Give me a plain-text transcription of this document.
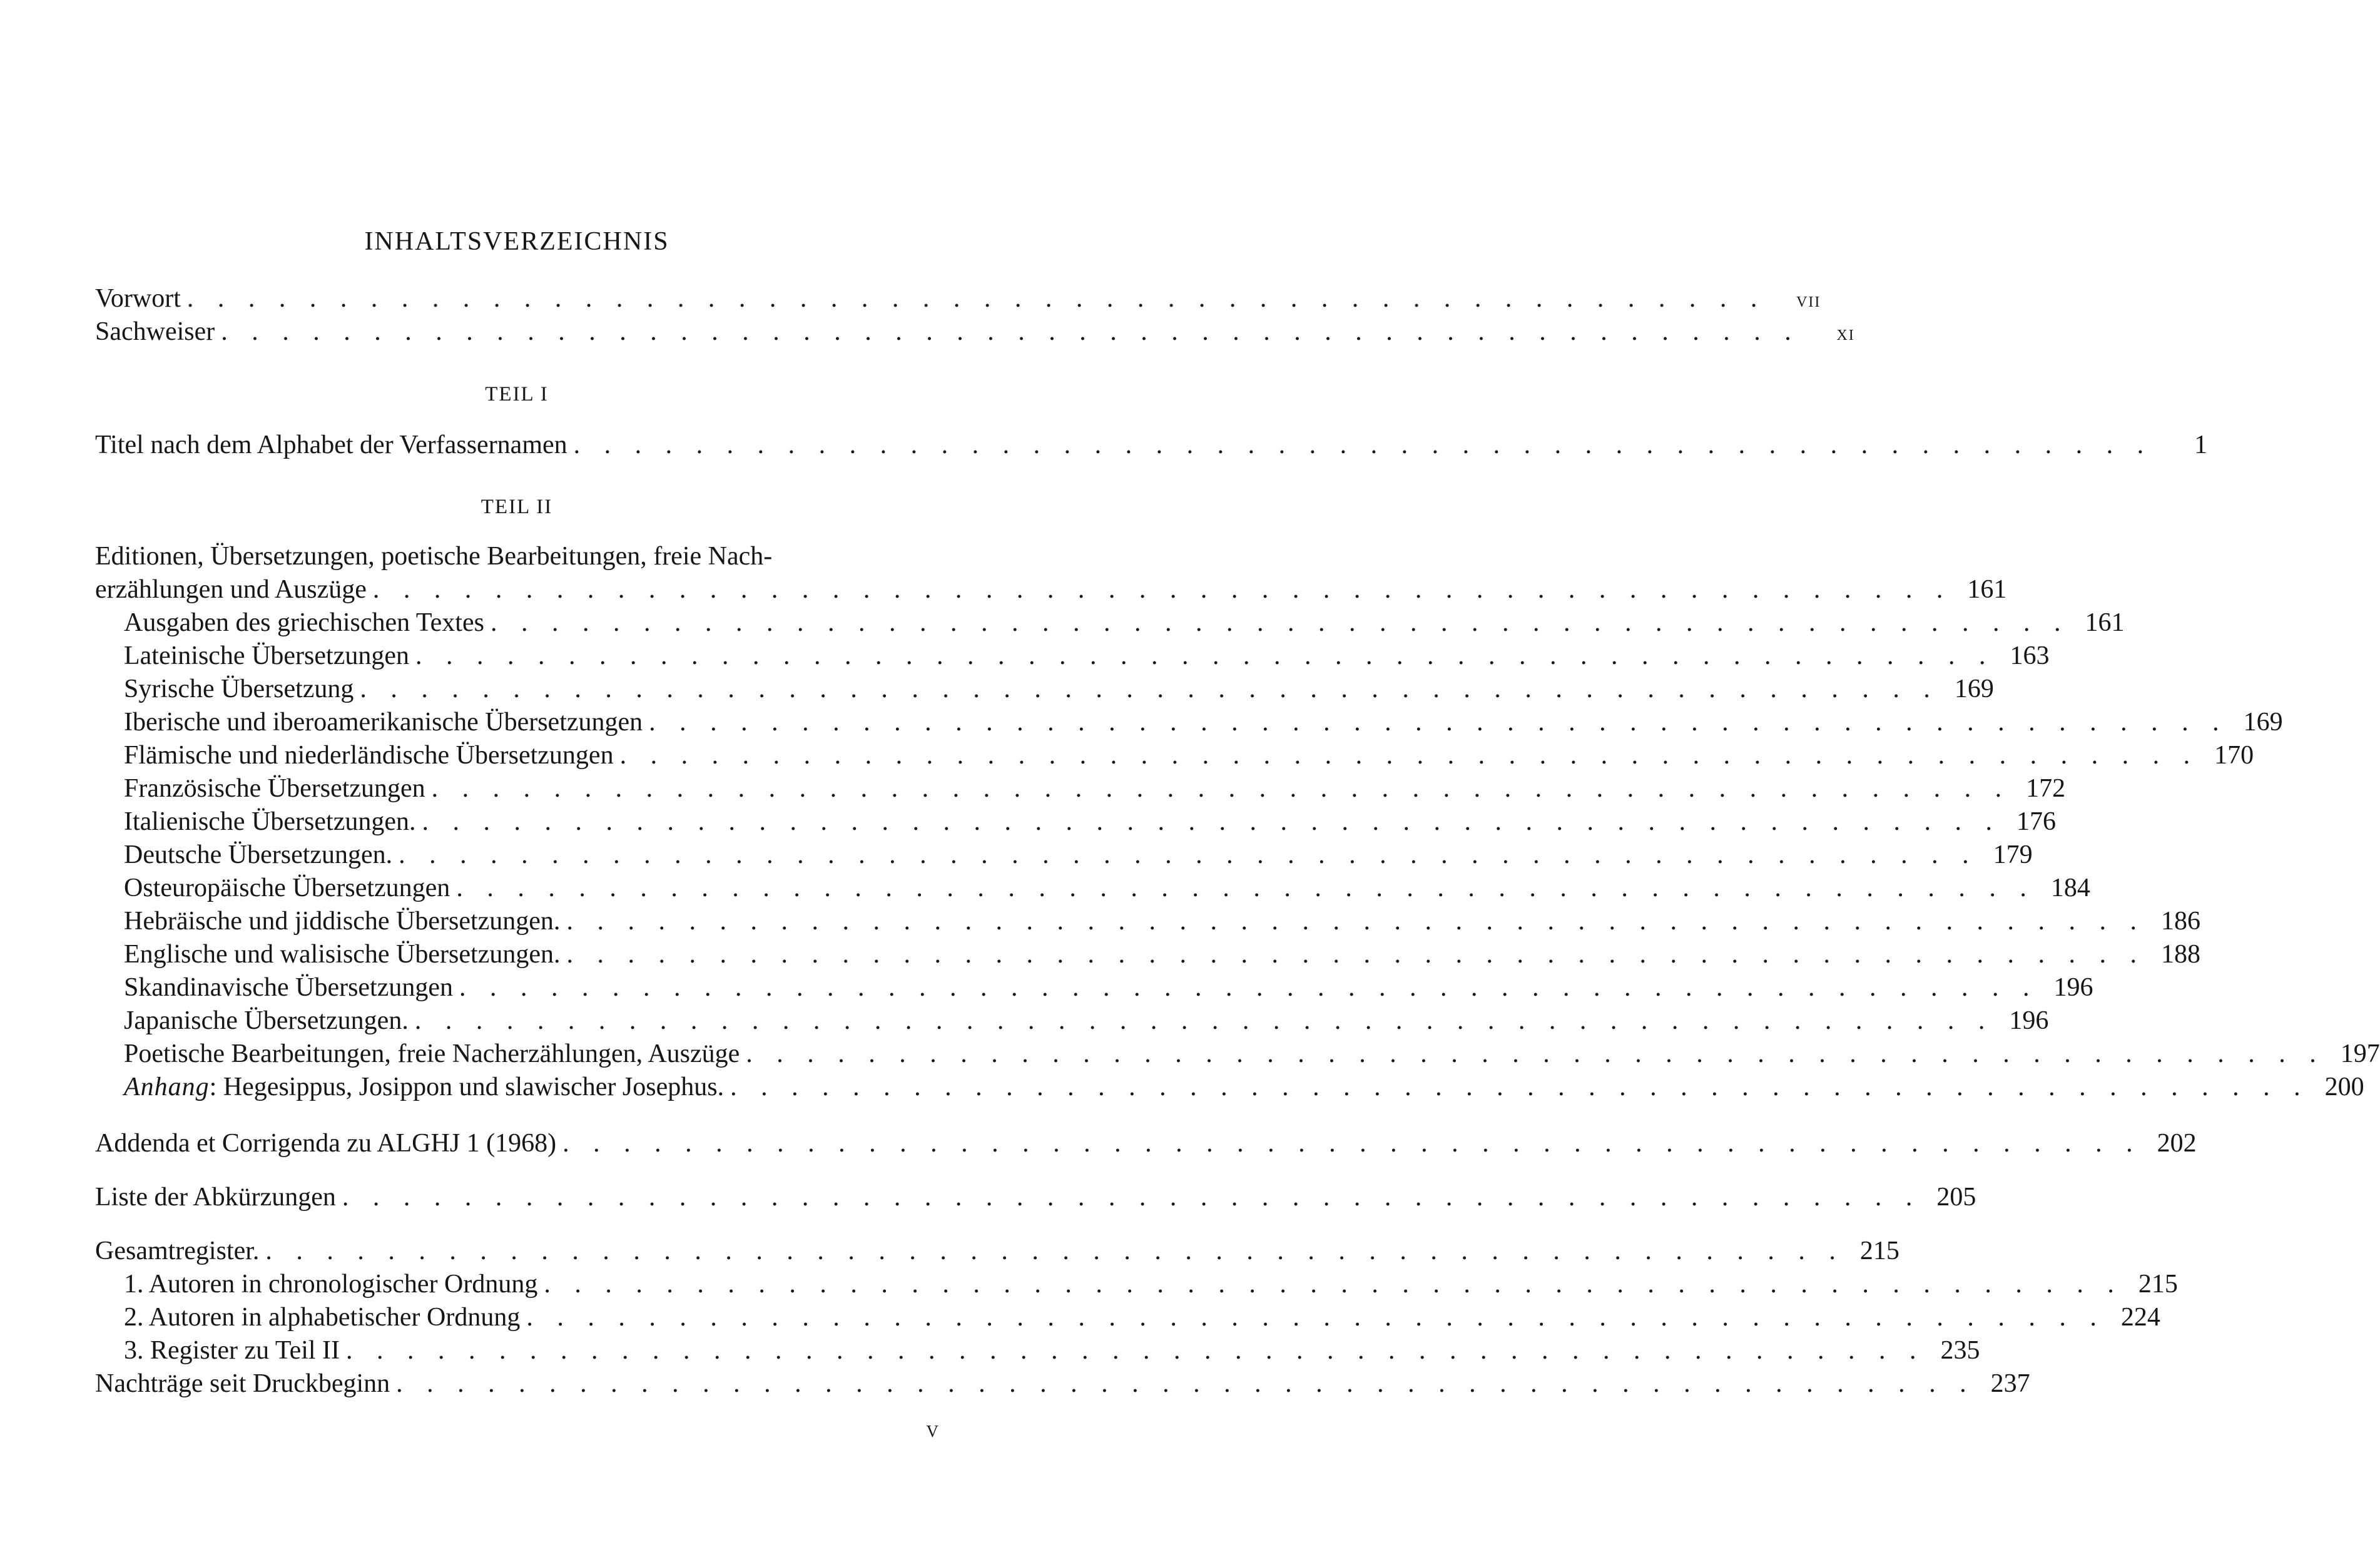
INHALTSVERZEICHNIS
Vorwort . . . . . . . . . . . . . . . . . . . . . . . . . . . . . . . . . . . . . . . . . . . . . . . . . . . .	vii
Sachweiser . . . . . . . . . . . . . . . . . . . . . . . . . . . . . . . . . . . . . . . . . . . . . . . . . . . .	xi
TEIL I
Titel nach dem Alphabet der Verfassernamen . . . . . . . . . . . . . . . . . . . . . . . . . . . . . . . . . . . . . . . . . . . . . . . . . . . .	1
TEIL II
Editionen, Übersetzungen, poetische Bearbeitungen, freie Nach-
erzählungen und Auszüge . . . . . . . . . . . . . . . . . . . . . . . . . . . . . . . . . . . . . . . . . . . . . . . . . . . . 161
Ausgaben des griechischen Textes . . . . . . . . . . . . . . . . . . . . . . . . . . . . . . . . . . . . . . . . . . . . . . . . . . . . 161
Lateinische Übersetzungen . . . . . . . . . . . . . . . . . . . . . . . . . . . . . . . . . . . . . . . . . . . . . . . . . . . . 163
Syrische Übersetzung . . . . . . . . . . . . . . . . . . . . . . . . . . . . . . . . . . . . . . . . . . . . . . . . . . . . 169
Iberische und iberoamerikanische Übersetzungen . . . . . . . . . . . . . . . . . . . . . . . . . . . . . . . . . . . . . . . . . . . . . . . . . . . . 169
Flämische und niederländische Übersetzungen . . . . . . . . . . . . . . . . . . . . . . . . . . . . . . . . . . . . . . . . . . . . . . . . . . . . 170
Französische Übersetzungen . . . . . . . . . . . . . . . . . . . . . . . . . . . . . . . . . . . . . . . . . . . . . . . . . . . . 172
Italienische Übersetzungen. . . . . . . . . . . . . . . . . . . . . . . . . . . . . . . . . . . . . . . . . . . . . . . . . . . . . 176
Deutsche Übersetzungen. . . . . . . . . . . . . . . . . . . . . . . . . . . . . . . . . . . . . . . . . . . . . . . . . . . . . 179
Osteuropäische Übersetzungen . . . . . . . . . . . . . . . . . . . . . . . . . . . . . . . . . . . . . . . . . . . . . . . . . . . . 184
Hebräische und jiddische Übersetzungen. . . . . . . . . . . . . . . . . . . . . . . . . . . . . . . . . . . . . . . . . . . . . . . . . . . . . 186
Englische und walisische Übersetzungen. . . . . . . . . . . . . . . . . . . . . . . . . . . . . . . . . . . . . . . . . . . . . . . . . . . . . 188
Skandinavische Übersetzungen . . . . . . . . . . . . . . . . . . . . . . . . . . . . . . . . . . . . . . . . . . . . . . . . . . . . 196
Japanische Übersetzungen. . . . . . . . . . . . . . . . . . . . . . . . . . . . . . . . . . . . . . . . . . . . . . . . . . . . . 196
Poetische Bearbeitungen, freie Nacherzählungen, Auszüge . . . . . . . . . . . . . . . . . . . . . . . . . . . . . . . . . . . . . . . . . . . . . . . . . . . . 197
Anhang: Hegesippus, Josippon und slawischer Josephus. . . . . . . . . . . . . . . . . . . . . . . . . . . . . . . . . . . . . . . . . . . . . . . . . . . . . 200
Addenda et Corrigenda zu ALGHJ 1 (1968) . . . . . . . . . . . . . . . . . . . . . . . . . . . . . . . . . . . . . . . . . . . . . . . . . . . . 202
Liste der Abkürzungen . . . . . . . . . . . . . . . . . . . . . . . . . . . . . . . . . . . . . . . . . . . . . . . . . . . . 205
Gesamtregister. . . . . . . . . . . . . . . . . . . . . . . . . . . . . . . . . . . . . . . . . . . . . . . . . . . . . 215
1. Autoren in chronologischer Ordnung . . . . . . . . . . . . . . . . . . . . . . . . . . . . . . . . . . . . . . . . . . . . . . . . . . . . 215
2. Autoren in alphabetischer Ordnung . . . . . . . . . . . . . . . . . . . . . . . . . . . . . . . . . . . . . . . . . . . . . . . . . . . . 224
3. Register zu Teil II . . . . . . . . . . . . . . . . . . . . . . . . . . . . . . . . . . . . . . . . . . . . . . . . . . . . 235
Nachträge seit Druckbeginn . . . . . . . . . . . . . . . . . . . . . . . . . . . . . . . . . . . . . . . . . . . . . . . . . . . . 237
v
